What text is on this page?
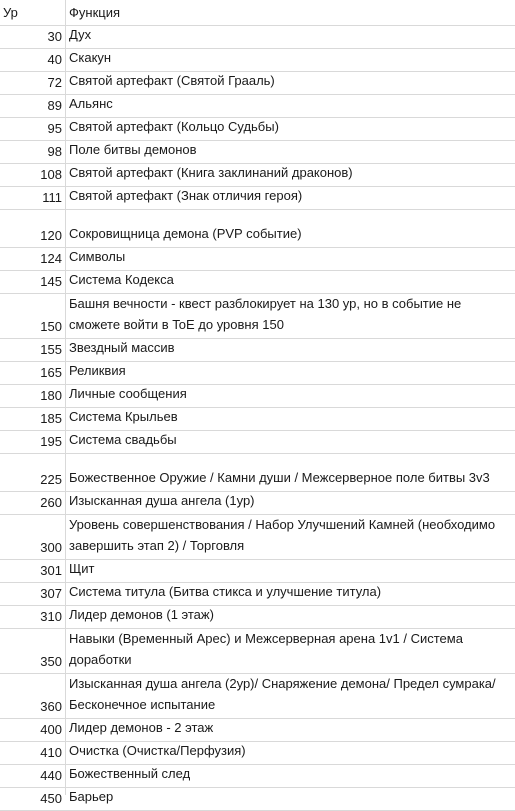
Ур	Функция
30 Дух
40 Скакун
72 Святой артефакт (Святой Грааль)
89 Альянс
95 Святой артефакт (Кольцо Судьбы)
98 Поле битвы демонов
108 Святой артефакт (Книга заклинаний драконов)
111 Святой артефакт (Знак отличия героя)
120 Сокровищница демона (PVP событие)
124 Символы
145 Система Кодекса
150
Башня вечности - квест разблокирует на 130 ур, но в событие не сможете войти в ToE до уровня 150
155 Звездный массив
165 Реликвия
180 Личные сообщения
185 Система Крыльев
195 Система свадьбы
225 Божественное Оружие / Камни души / Межсерверное поле битвы 3v3
260 Изысканная душа ангела (1ур)
300
Уровень совершенствования / Набор Улучшений Камней (необходимо завершить этап 2) / Торговля
301 Щит
307 Система титула (Битва стикса и улучшение титула)
310 Лидер демонов (1 этаж)
350
Навыки (Временный Арес) и Межсерверная арена 1v1 / Система доработки
360
Изысканная душа ангела (2ур)/ Снаряжение демона/ Предел сумрака/ Бесконечное испытание
400 Лидер демонов - 2 этаж
410 Очистка (Очистка/Перфузия)
440 Божественный след
450 Барьер
